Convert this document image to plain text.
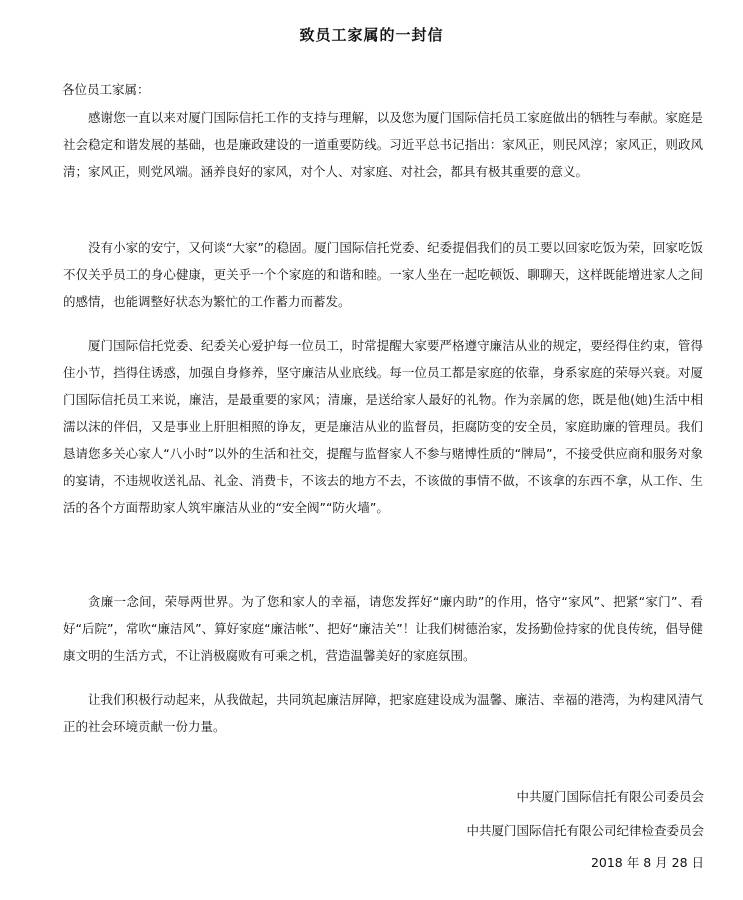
致员工家属的一封信
各位员工家属：

感谢您一直以来对厦门国际信托工作的支持与理解，以及您为厦门国际信托员工家庭做出的牺牲与奉献。家庭是社会稳定和谐发展的基础，也是廉政建设的一道重要防线。习近平总书记指出：家风正，则民风淳；家风正，则政风清；家风正，则党风端。涵养良好的家风，对个人、对家庭、对社会，都具有极其重要的意义。

没有小家的安宁，又何谈“大家”的稳固。厦门国际信托党委、纪委提倡我们的员工要以回家吃饭为荣，回家吃饭不仅关乎员工的身心健康，更关乎一个个家庭的和谐和睦。一家人坐在一起吃顿饭、聊聊天，这样既能增进家人之间的感情，也能调整好状态为繁忙的工作蓄力而蓄发。

厦门国际信托党委、纪委关心爱护每一位员工，时常提醒大家要严格遵守廉洁从业的规定，要经得住约束，管得住小节，挡得住诱惑，加强自身修养，坚守廉洁从业底线。每一位员工都是家庭的依靠，身系家庭的荣辱兴衰。对厦门国际信托员工来说，廉洁，是最重要的家风；清廉，是送给家人最好的礼物。作为亲属的您，既是他(她)生活中相濡以沫的伴侣，又是事业上肝胆相照的诤友，更是廉洁从业的监督员，拒腐防变的安全员，家庭助廉的管理员。我们恳请您多关心家人“八小时”以外的生活和社交，提醒与监督家人不参与赌博性质的“牌局”，不接受供应商和服务对象的宴请，不违规收送礼品、礼金、消费卡，不该去的地方不去，不该做的事情不做，不该拿的东西不拿，从工作、生活的各个方面帮助家人筑牢廉洁从业的“安全阀”“防火墙”。

贪廉一念间，荣辱两世界。为了您和家人的幸福，请您发挥好“廉内助”的作用，恪守“家风”、把紧“家门”、看好“后院”，常吹“廉洁风”、算好家庭“廉洁帐”、把好“廉洁关”！让我们树德治家，发扬勤俭持家的优良传统，倡导健康文明的生活方式，不让消极腐败有可乘之机，营造温馨美好的家庭氛围。

让我们积极行动起来，从我做起，共同筑起廉洁屏障，把家庭建设成为温馨、廉洁、幸福的港湾，为构建风清气正的社会环境贡献一份力量。

中共厦门国际信托有限公司委员会
中共厦门国际信托有限公司纪律检查委员会
2018 年 8 月 28 日
